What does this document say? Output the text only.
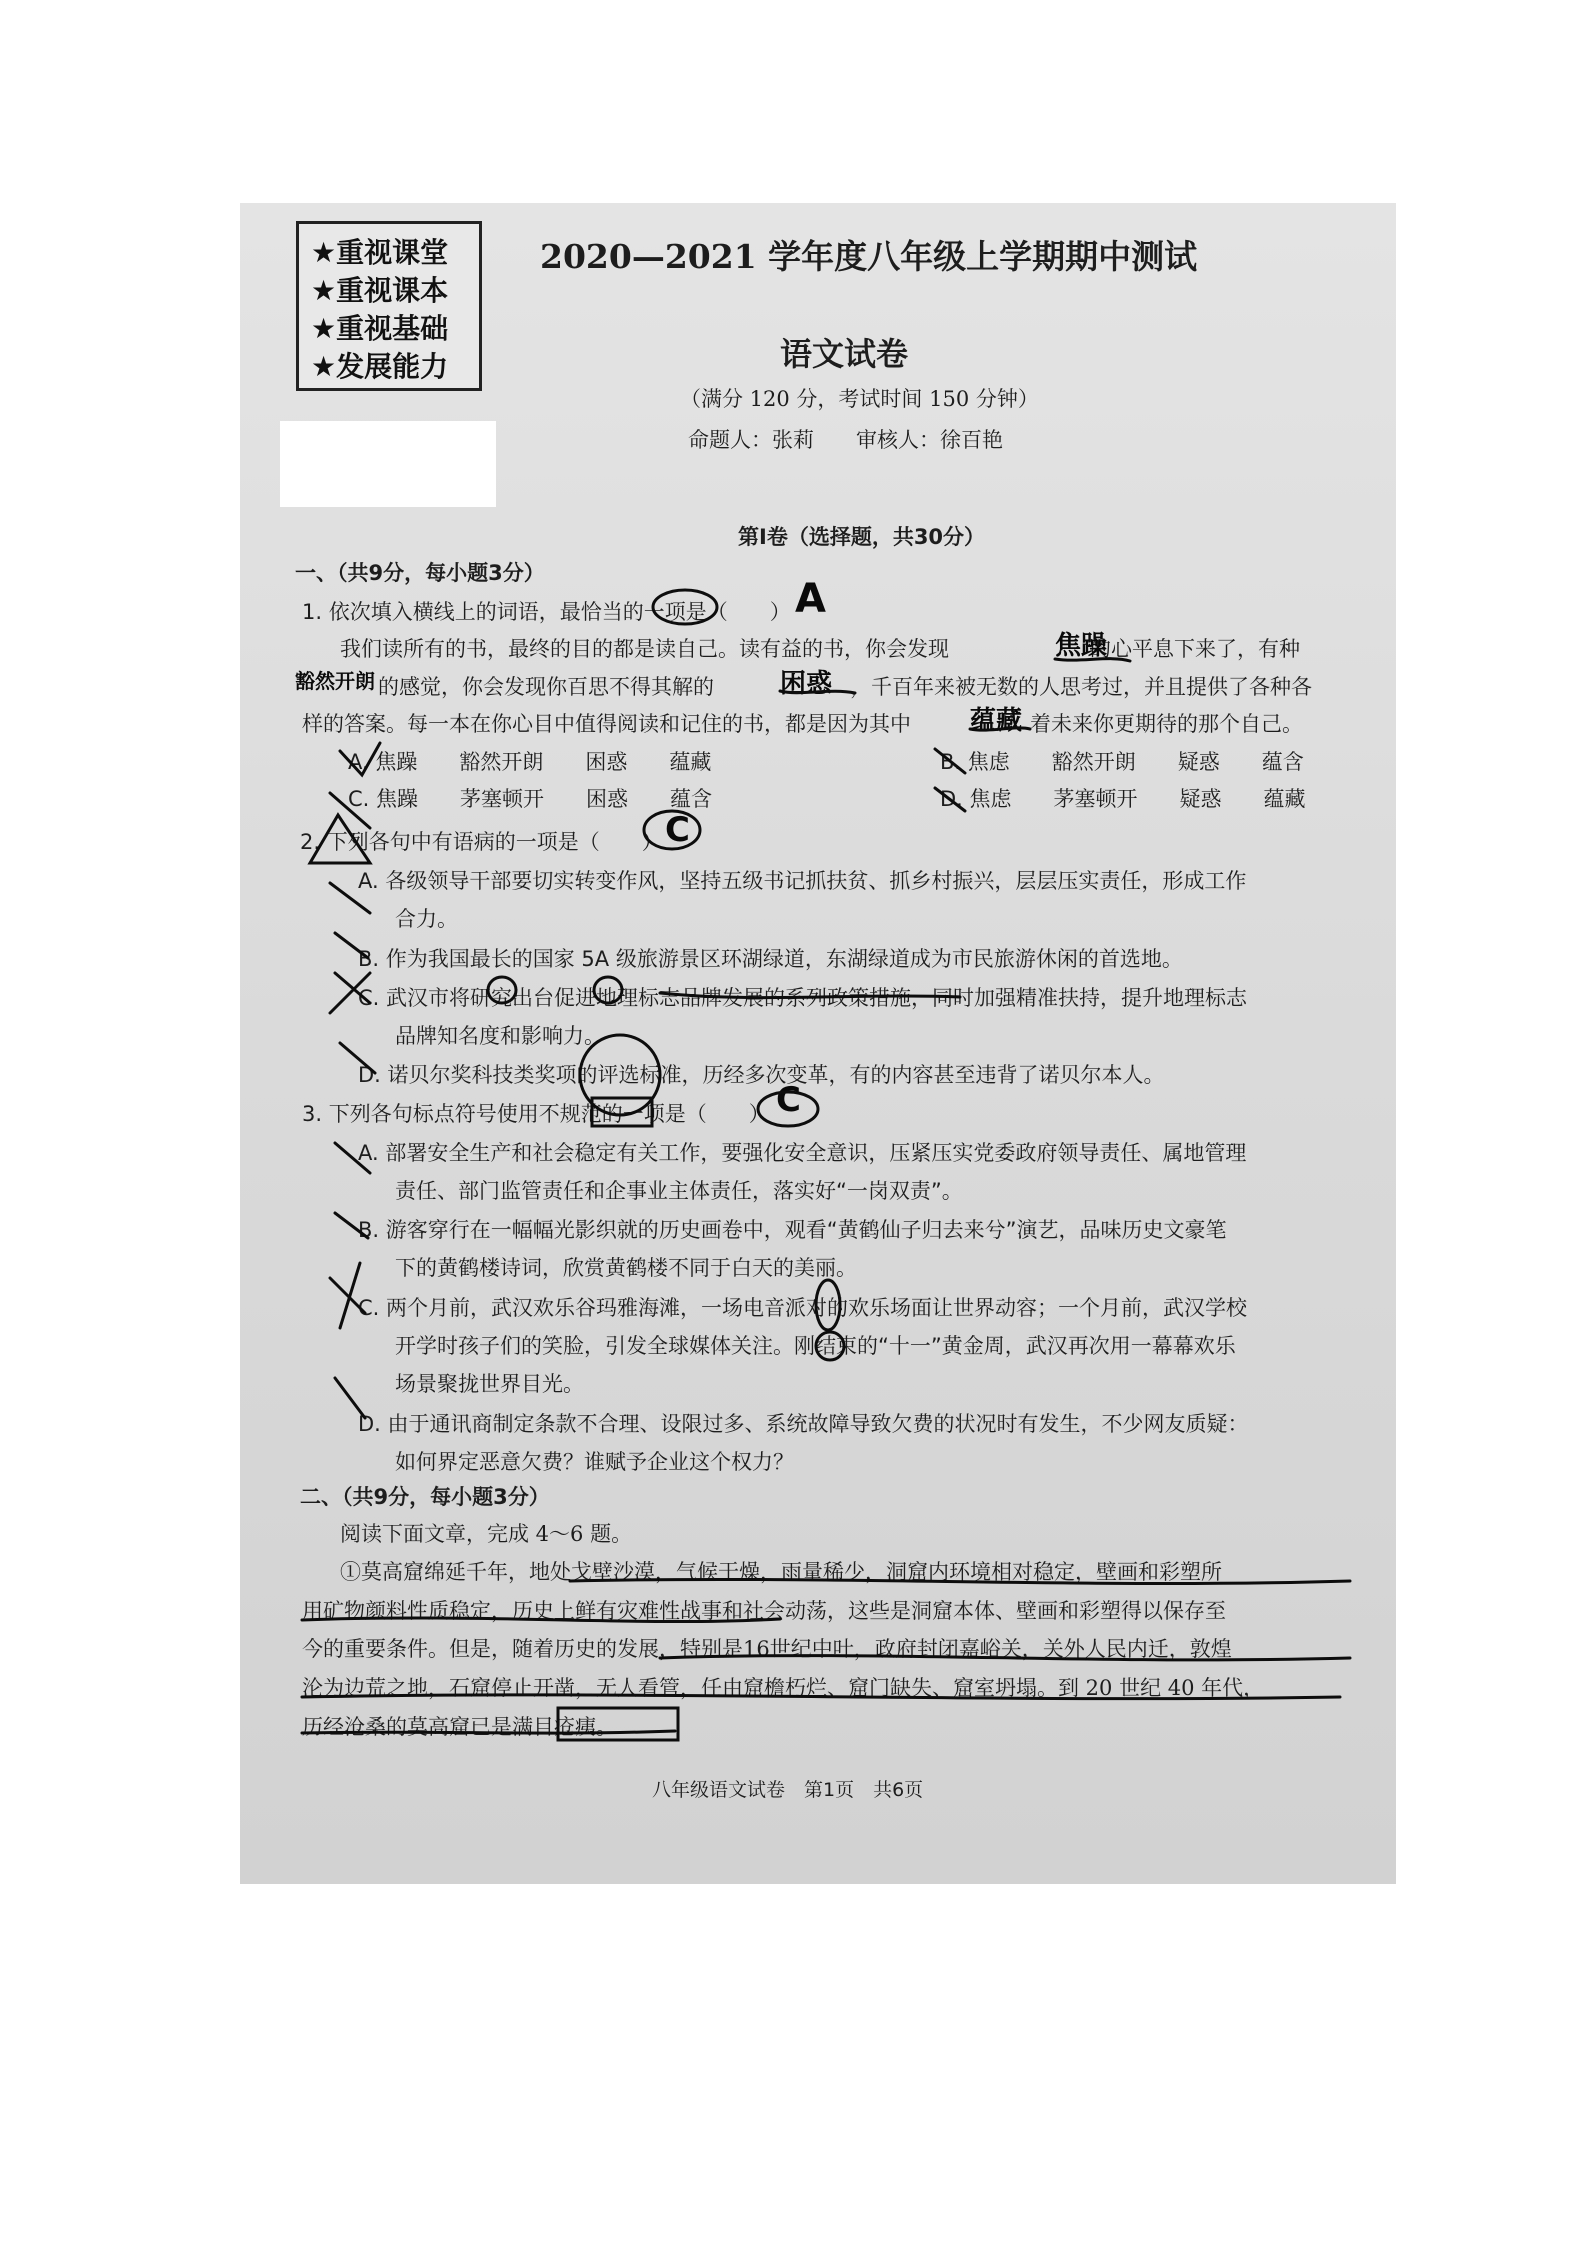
★重视课堂
★重视课本
★重视基础
★发展能力
2020—2021 学年度八年级上学期期中测试
语文试卷
（满分 120 分，考试时间 150 分钟）
命题人：张莉　　审核人：徐百艳
第Ⅰ卷（选择题，共30分）
一、（共9分，每小题3分）
1. 依次填入横线上的词语，最恰当的一项是（　　）
我们读所有的书，最终的目的都是读自己。读有益的书，你会发现	的心平息下来了，有种
的感觉，你会发现你百思不得其解的	，千百年来被无数的人思考过，并且提供了各种各
样的答案。每一本在你心目中值得阅读和记住的书，都是因为其中	着未来你更期待的那个自己。
A. 焦躁　　豁然开朗　　困惑　　蕴藏	B. 焦虑　　豁然开朗　　疑惑　　蕴含
C. 焦躁　　茅塞顿开　　困惑　　蕴含	D. 焦虑　　茅塞顿开　　疑惑　　蕴藏
2. 下列各句中有语病的一项是（　　）
A. 各级领导干部要切实转变作风，坚持五级书记抓扶贫、抓乡村振兴，层层压实责任，形成工作
合力。
B. 作为我国最长的国家 5A 级旅游景区环湖绿道，东湖绿道成为市民旅游休闲的首选地。
C. 武汉市将研究出台促进地理标志品牌发展的系列政策措施，同时加强精准扶持，提升地理标志
品牌知名度和影响力。
D. 诺贝尔奖科技类奖项的评选标准，历经多次变革，有的内容甚至违背了诺贝尔本人。
3. 下列各句标点符号使用不规范的一项是（　　）
A. 部署安全生产和社会稳定有关工作，要强化安全意识，压紧压实党委政府领导责任、属地管理
责任、部门监管责任和企事业主体责任，落实好“一岗双责”。
B. 游客穿行在一幅幅光影织就的历史画卷中，观看“黄鹤仙子归去来兮”演艺，品味历史文豪笔
下的黄鹤楼诗词，欣赏黄鹤楼不同于白天的美丽。
C. 两个月前，武汉欢乐谷玛雅海滩，一场电音派对的欢乐场面让世界动容；一个月前，武汉学校
开学时孩子们的笑脸，引发全球媒体关注。刚结束的“十一”黄金周，武汉再次用一幕幕欢乐
场景聚拢世界目光。
D. 由于通讯商制定条款不合理、设限过多、系统故障导致欠费的状况时有发生，不少网友质疑：
如何界定恶意欠费？谁赋予企业这个权力？
二、（共9分，每小题3分）
阅读下面文章，完成 4～6 题。
①莫高窟绵延千年，地处戈壁沙漠，气候干燥，雨量稀少，洞窟内环境相对稳定，壁画和彩塑所
用矿物颜料性质稳定，历史上鲜有灾难性战事和社会动荡，这些是洞窟本体、壁画和彩塑得以保存至
今的重要条件。但是，随着历史的发展，特别是16世纪中叶，政府封闭嘉峪关，关外人民内迁，敦煌
沦为边荒之地，石窟停止开凿，无人看管，任由窟檐朽烂、窟门缺失、窟室坍塌。到 20 世纪 40 年代，
历经沧桑的莫高窟已是满目疮痍。
八年级语文试卷　第1页　共6页
A
C
C
焦躁
豁然开朗	困惑
蕴藏
